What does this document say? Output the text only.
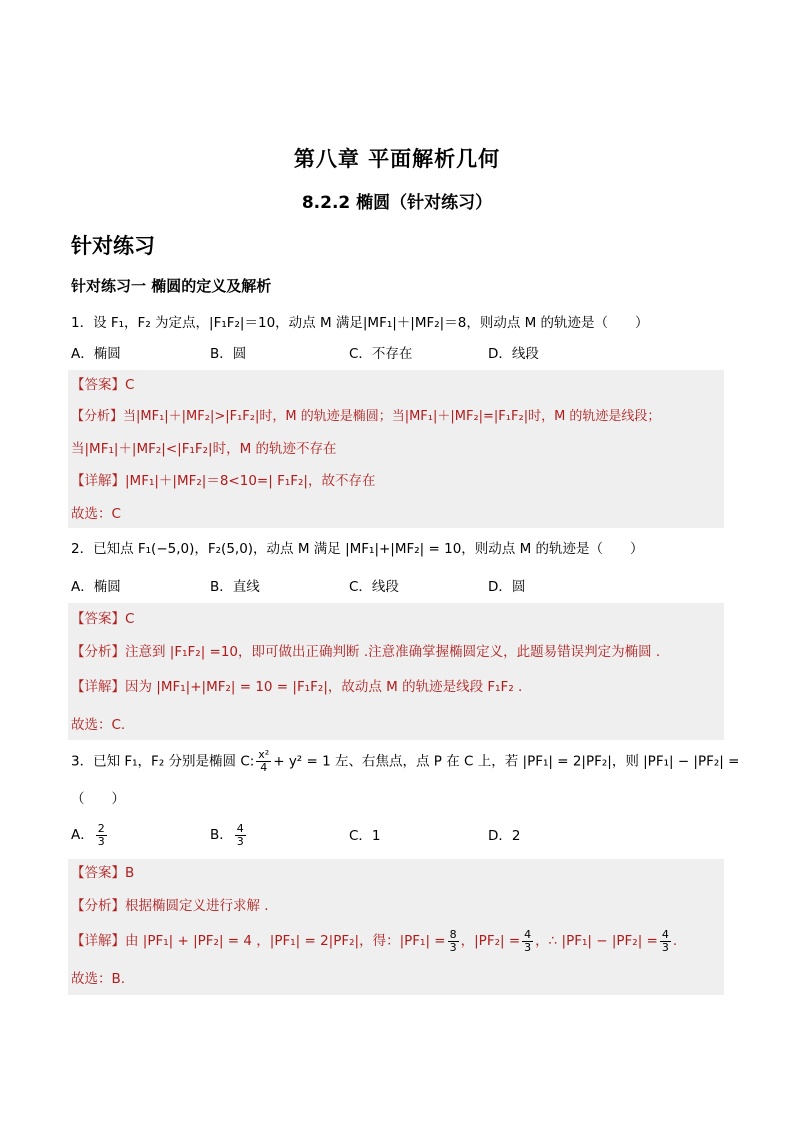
第八章 平面解析几何
8.2.2 椭圆（针对练习）
针对练习
针对练习一 椭圆的定义及解析
1．设 F₁，F₂ 为定点，|F₁F₂|＝10，动点 M 满足|MF₁|＋|MF₂|＝8，则动点 M 的轨迹是（　　）
A．椭圆	B．圆	C．不存在	D．线段
【答案】C
【分析】当|MF₁|＋|MF₂|>|F₁F₂|时，M 的轨迹是椭圆；当|MF₁|＋|MF₂|=|F₁F₂|时，M 的轨迹是线段；
当|MF₁|＋|MF₂|<|F₁F₂|时，M 的轨迹不存在
【详解】|MF₁|＋|MF₂|＝8<10=| F₁F₂|，故不存在
故选：C
2．已知点 F₁(−5,0)，F₂(5,0)，动点 M 满足 |MF₁|+|MF₂| = 10，则动点 M 的轨迹是（　　）
A．椭圆	B．直线	C．线段	D．圆
【答案】C
【分析】注意到 |F₁F₂| =10，即可做出正确判断 .注意准确掌握椭圆定义，此题易错误判定为椭圆 .
【详解】因为 |MF₁|+|MF₂| = 10 = |F₁F₂|，故动点 M 的轨迹是线段 F₁F₂ .
故选：C.
3．已知 F₁，F₂ 分别是椭圆 C: $\frac{\text{x²}}{4} + y^2 = 1$ 左、右焦点，点 P 在 C 上，若 |PF₁| = 2|PF₂|，则 |PF₁| − |PF₂| =
（　　）
A． $\frac{2}{3}$	B． $\frac{4}{3}$	C．1	D．2
【答案】B
【分析】根据椭圆定义进行求解 .
【详解】由 |PF₁| + |PF₂| = 4 ，|PF₁| = 2|PF₂|，得：$|PF_1| = \frac{8}{3}$ ，$|PF_2| = \frac{4}{3}$ ，∴ $|PF_1| - |PF_2| = \frac{4}{3}$ .
故选：B.
